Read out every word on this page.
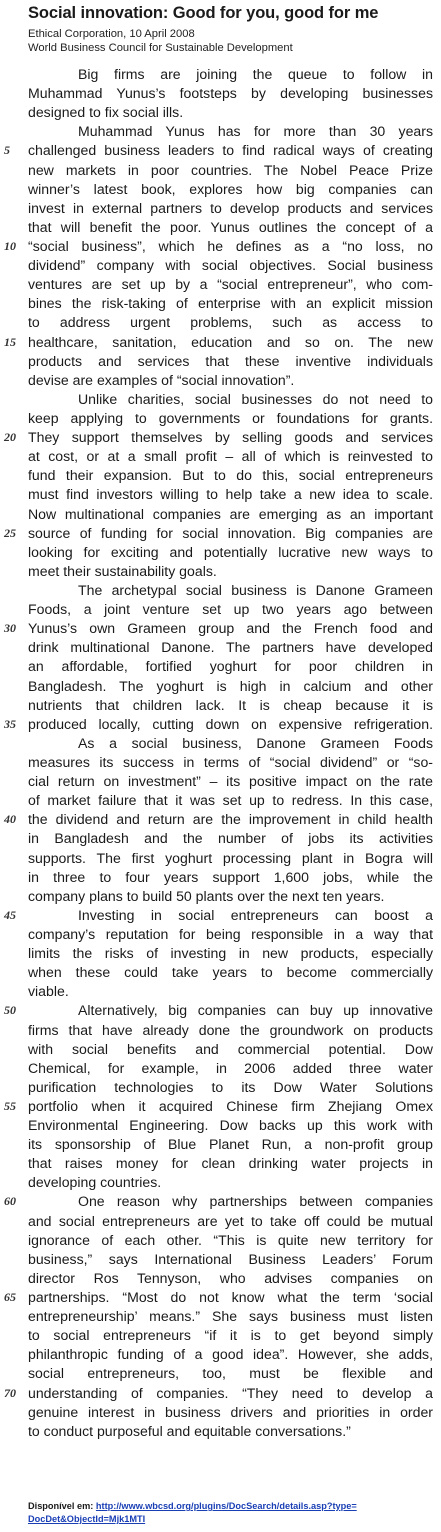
Social innovation: Good for you, good for me
Ethical Corporation, 10 April 2008
World Business Council for Sustainable Development
Big firms are joining the queue to follow in
Muhammad Yunus’s footsteps by developing businesses
designed to fix social ills.
Muhammad Yunus has for more than 30 years
challenged business leaders to find radical ways of creating
5
new markets in poor countries. The Nobel Peace Prize
winner’s latest book, explores how big companies can
invest in external partners to develop products and services
that will benefit the poor. Yunus outlines the concept of a
“social business”, which he defines as a “no loss, no
10
dividend” company with social objectives. Social business
ventures are set up by a “social entrepreneur”, who com-
bines the risk-taking of enterprise with an explicit mission
to address urgent problems, such as access to
healthcare, sanitation, education and so on. The new
15
products and services that these inventive individuals
devise are examples of “social innovation”.
Unlike charities, social businesses do not need to
keep applying to governments or foundations for grants.
They support themselves by selling goods and services
20
at cost, or at a small profit – all of which is reinvested to
fund their expansion. But to do this, social entrepreneurs
must find investors willing to help take a new idea to scale.
Now multinational companies are emerging as an important
source of funding for social innovation. Big companies are
25
looking for exciting and potentially lucrative new ways to
meet their sustainability goals.
The archetypal social business is Danone Grameen
Foods, a joint venture set up two years ago between
Yunus’s own Grameen group and the French food and
30
drink multinational Danone. The partners have developed
an affordable, fortified yoghurt for poor children in
Bangladesh. The yoghurt is high in calcium and other
nutrients that children lack. It is cheap because it is
produced locally, cutting down on expensive refrigeration.
35
As a social business, Danone Grameen Foods
measures its success in terms of “social dividend” or “so-
cial return on investment” – its positive impact on the rate
of market failure that it was set up to redress. In this case,
the dividend and return are the improvement in child health
40
in Bangladesh and the number of jobs its activities
supports. The first yoghurt processing plant in Bogra will
in three to four years support 1,600 jobs, while the
company plans to build 50 plants over the next ten years.
Investing in social entrepreneurs can boost a
45
company’s reputation for being responsible in a way that
limits the risks of investing in new products, especially
when these could take years to become commercially
viable.
Alternatively, big companies can buy up innovative
50
firms that have already done the groundwork on products
with social benefits and commercial potential. Dow
Chemical, for example, in 2006 added three water
purification technologies to its Dow Water Solutions
portfolio when it acquired Chinese firm Zhejiang Omex
55
Environmental Engineering. Dow backs up this work with
its sponsorship of Blue Planet Run, a non-profit group
that raises money for clean drinking water projects in
developing countries.
One reason why partnerships between companies
60
and social entrepreneurs are yet to take off could be mutual
ignorance of each other. “This is quite new territory for
business,” says International Business Leaders’ Forum
director Ros Tennyson, who advises companies on
partnerships. “Most do not know what the term ‘social
65
entrepreneurship’ means.” She says business must listen
to social entrepreneurs “if it is to get beyond simply
philanthropic funding of a good idea”. However, she adds,
social entrepreneurs, too, must be flexible and
understanding of companies. “They need to develop a
70
genuine interest in business drivers and priorities in order
to conduct purposeful and equitable conversations.”
Disponível em: http://www.wbcsd.org/plugins/DocSearch/details.asp?type=
DocDet&ObjectId=Mjk1MTI
